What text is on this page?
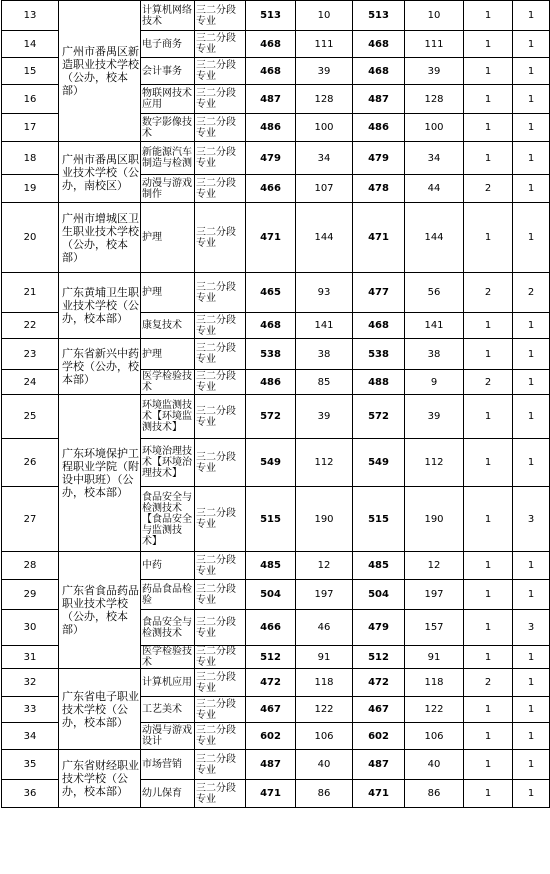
13	广州市番禺区新造职业技术学校（公办，校本部）	计算机网络技术	三二分段专业	513	10	513	10	1	1
14		电子商务	三二分段专业	468	111	468	111	1	1
15		会计事务	三二分段专业	468	39	468	39	1	1
16		物联网技术应用	三二分段专业	487	128	487	128	1	1
17		数字影像技术	三二分段专业	486	100	486	100	1	1
18	广州市番禺区职业技术学校（公办，南校区）	新能源汽车制造与检测	三二分段专业	479	34	479	34	1	1
19		动漫与游戏制作	三二分段专业	466	107	478	44	2	1
20	广州市增城区卫生职业技术学校（公办，校本部）	护理	三二分段专业	471	144	471	144	1	1
21	广东黄埔卫生职业技术学校（公办，校本部）	护理	三二分段专业	465	93	477	56	2	2
22		康复技术	三二分段专业	468	141	468	141	1	1
23	广东省新兴中药学校（公办，校本部）	护理	三二分段专业	538	38	538	38	1	1
24		医学检验技术	三二分段专业	486	85	488	9	2	1
25	广东环境保护工程职业学院（附设中职班）（公办，校本部）	环境监测技术【环境监测技术】	三二分段专业	572	39	572	39	1	1
26		环境治理技术【环境治理技术】	三二分段专业	549	112	549	112	1	1
27		食品安全与检测技术【食品安全与监测技术】	三二分段专业	515	190	515	190	1	3
28	广东省食品药品职业技术学校（公办，校本部）	中药	三二分段专业	485	12	485	12	1	1
29		药品食品检验	三二分段专业	504	197	504	197	1	1
30		食品安全与检测技术	三二分段专业	466	46	479	157	1	3
31		医学检验技术	三二分段专业	512	91	512	91	1	1
32	广东省电子职业技术学校（公办，校本部）	计算机应用	三二分段专业	472	118	472	118	2	1
33		工艺美术	三二分段专业	467	122	467	122	1	1
34		动漫与游戏设计	三二分段专业	602	106	602	106	1	1
35	广东省财经职业技术学校（公办，校本部）	市场营销	三二分段专业	487	40	487	40	1	1
36		幼儿保育	三二分段专业	471	86	471	86	1	1
